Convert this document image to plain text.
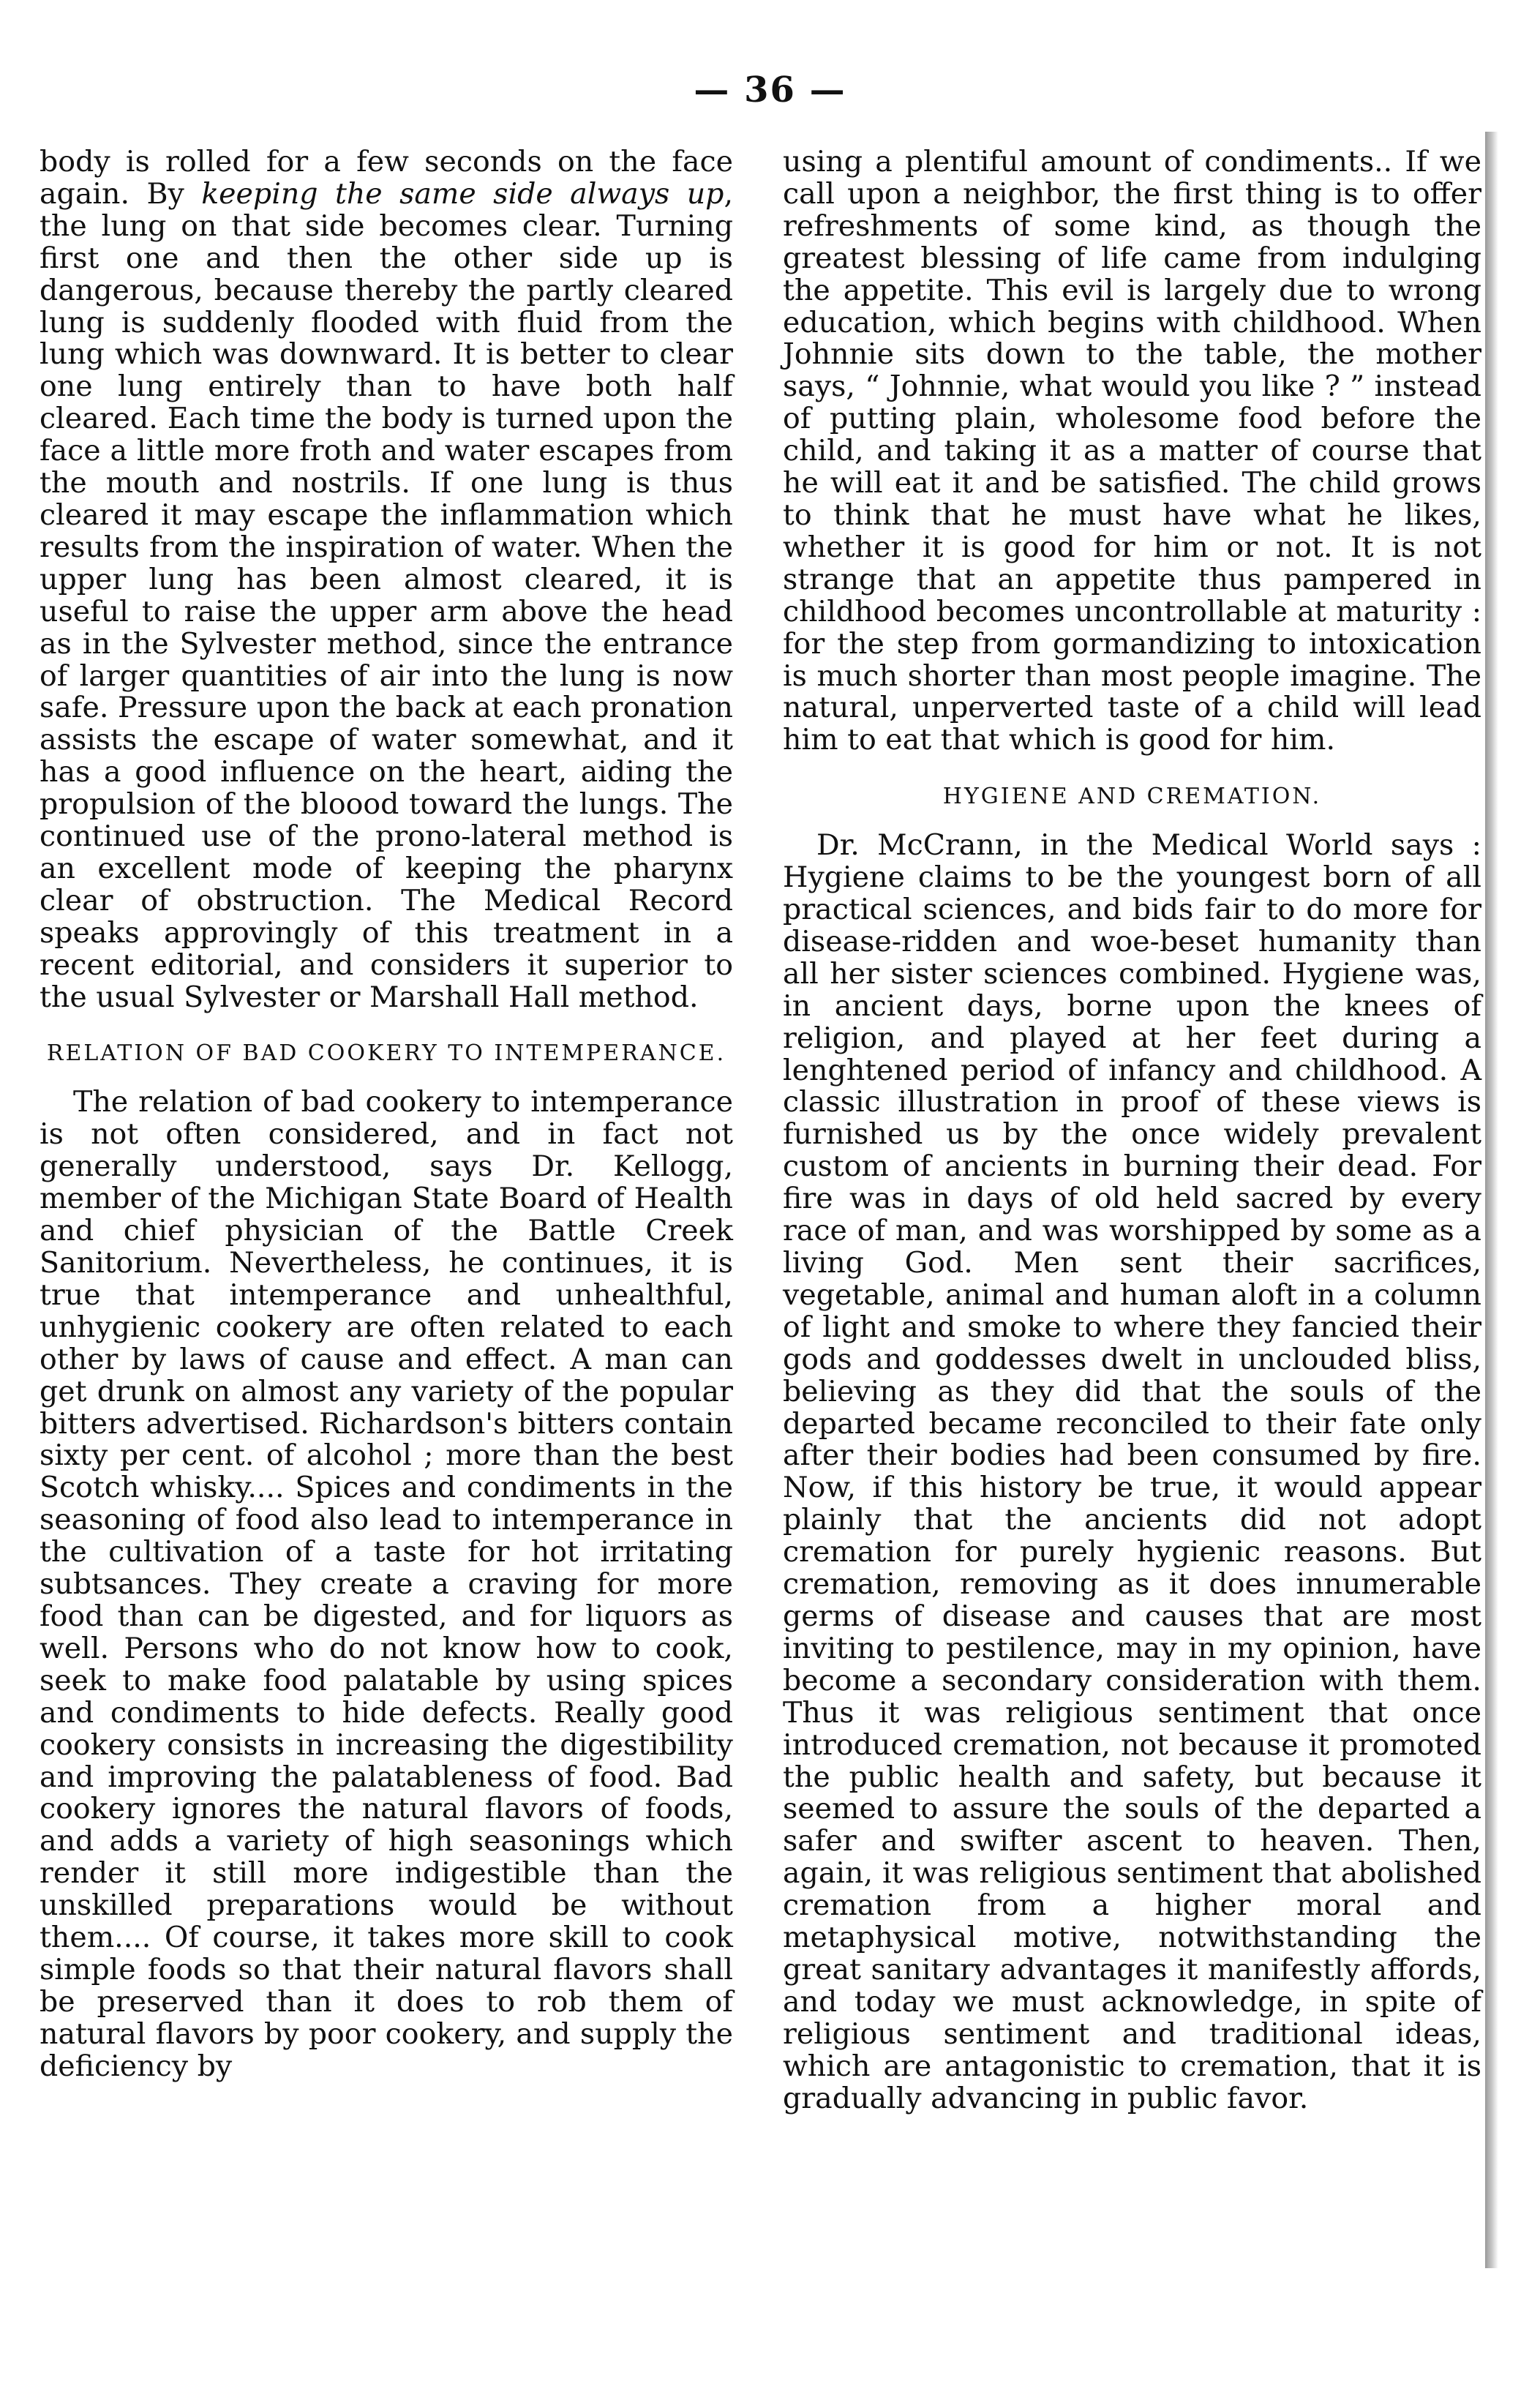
— 36 —

body is rolled for a few seconds on the face again. By keeping the same side always up, the lung on that side becomes clear. Turning first one and then the other side up is dangerous, because thereby the partly cleared lung is suddenly flooded with fluid from the lung which was downward. It is better to clear one lung entirely than to have both half cleared. Each time the body is turned upon the face a little more froth and water escapes from the mouth and nostrils. If one lung is thus cleared it may escape the inflammation which results from the inspiration of water. When the upper lung has been almost cleared, it is useful to raise the upper arm above the head as in the Sylvester method, since the entrance of larger quantities of air into the lung is now safe. Pressure upon the back at each pronation assists the escape of water somewhat, and it has a good influence on the heart, aiding the propulsion of the bloood toward the lungs. The continued use of the prono-lateral method is an excellent mode of keeping the pharynx clear of obstruction. The Medical Record speaks approvingly of this treatment in a recent editorial, and considers it superior to the usual Sylvester or Marshall Hall method.

RELATION OF BAD COOKERY TO INTEMPERANCE.

The relation of bad cookery to intemperance is not often considered, and in fact not generally understood, says Dr. Kellogg, member of the Michigan State Board of Health and chief physician of the Battle Creek Sanitorium. Nevertheless, he continues, it is true that intemperance and unhealthful, unhygienic cookery are often related to each other by laws of cause and effect. A man can get drunk on almost any variety of the popular bitters advertised. Richardson's bitters contain sixty per cent. of alcohol ; more than the best Scotch whisky.... Spices and condiments in the seasoning of food also lead to intemperance in the cultivation of a taste for hot irritating subtsances. They create a craving for more food than can be digested, and for liquors as well. Persons who do not know how to cook, seek to make food palatable by using spices and condiments to hide defects. Really good cookery consists in increasing the digestibility and improving the palatableness of food. Bad cookery ignores the natural flavors of foods, and adds a variety of high seasonings which render it still more indigestible than the unskilled preparations would be without them.... Of course, it takes more skill to cook simple foods so that their natural flavors shall be preserved than it does to rob them of natural flavors by poor cookery, and supply the deficiency by

using a plentiful amount of condiments.. If we call upon a neighbor, the first thing is to offer refreshments of some kind, as though the greatest blessing of life came from indulging the appetite. This evil is largely due to wrong education, which begins with childhood. When Johnnie sits down to the table, the mother says, “ Johnnie, what would you like ? ” instead of putting plain, wholesome food before the child, and taking it as a matter of course that he will eat it and be satisfied. The child grows to think that he must have what he likes, whether it is good for him or not. It is not strange that an appetite thus pampered in childhood becomes uncontrollable at maturity : for the step from gormandizing to intoxication is much shorter than most people imagine. The natural, unperverted taste of a child will lead him to eat that which is good for him.

HYGIENE AND CREMATION.

Dr. McCrann, in the Medical World says : Hygiene claims to be the youngest born of all practical sciences, and bids fair to do more for disease-ridden and woe-beset humanity than all her sister sciences combined. Hygiene was, in ancient days, borne upon the knees of religion, and played at her feet during a lenghtened period of infancy and childhood. A classic illustration in proof of these views is furnished us by the once widely prevalent custom of ancients in burning their dead. For fire was in days of old held sacred by every race of man, and was worshipped by some as a living God. Men sent their sacrifices, vegetable, animal and human aloft in a column of light and smoke to where they fancied their gods and goddesses dwelt in unclouded bliss, believing as they did that the souls of the departed became reconciled to their fate only after their bodies had been consumed by fire. Now, if this history be true, it would appear plainly that the ancients did not adopt cremation for purely hygienic reasons. But cremation, removing as it does innumerable germs of disease and causes that are most inviting to pestilence, may in my opinion, have become a secondary consideration with them. Thus it was religious sentiment that once introduced cremation, not because it promoted the public health and safety, but because it seemed to assure the souls of the departed a safer and swifter ascent to heaven. Then, again, it was religious sentiment that abolished cremation from a higher moral and metaphysical motive, notwithstanding the great sanitary advantages it manifestly affords, and today we must acknowledge, in spite of religious sentiment and traditional ideas, which are antagonistic to cremation, that it is gradually advancing in public favor.
